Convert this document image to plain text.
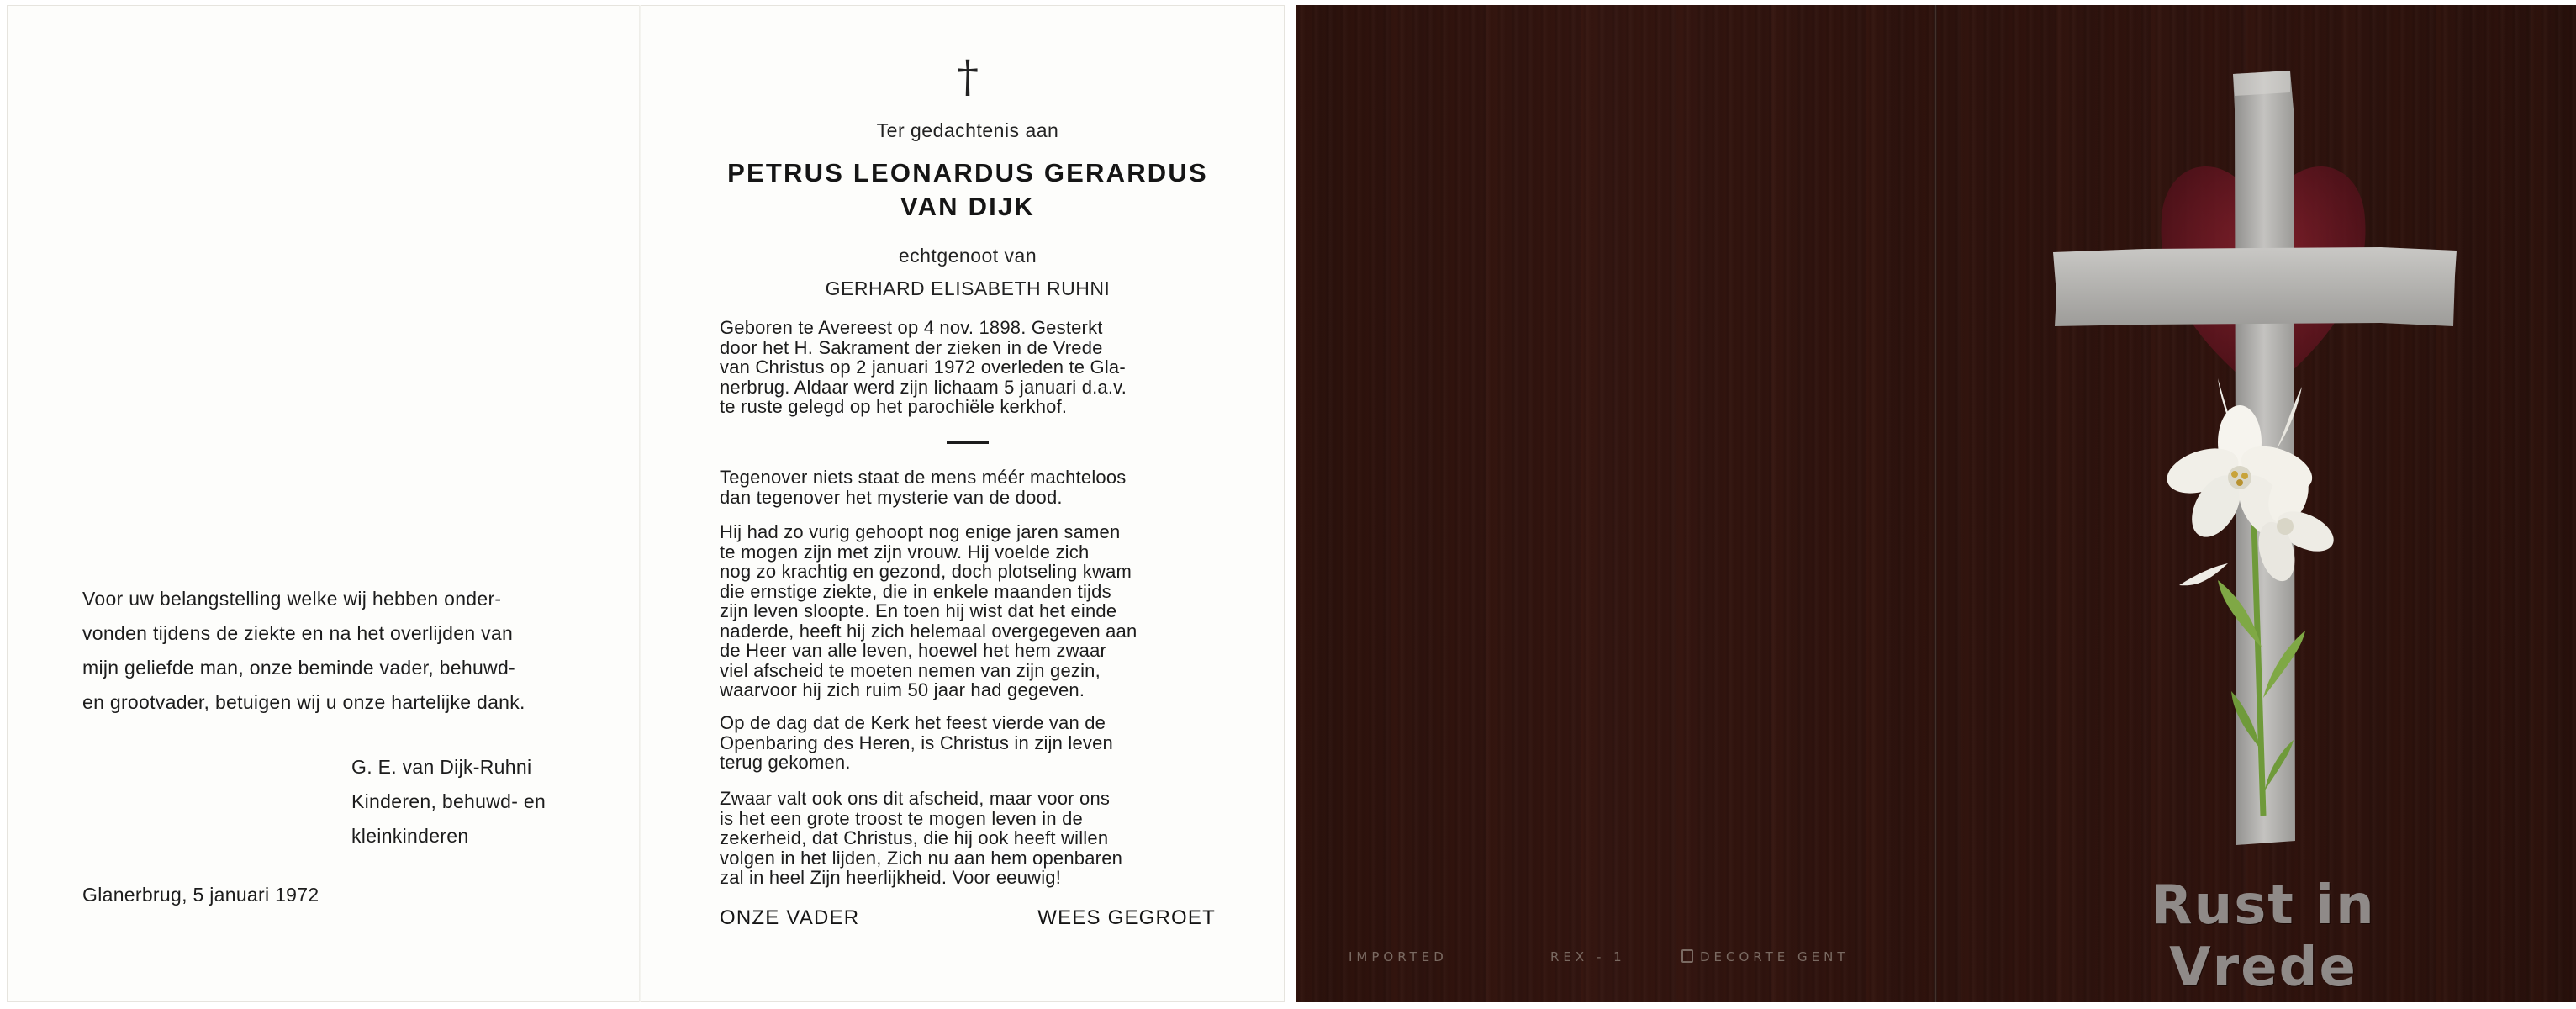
Voor uw belangstelling welke wij hebben onder-

vonden tijdens de ziekte en na het overlijden van

mijn geliefde man, onze beminde vader, behuwd-

en grootvader, betuigen wij u onze hartelijke dank.

G. E. van Dijk-Ruhni

Kinderen, behuwd- en

kleinkinderen

Glanerbrug, 5 januari 1972
†
Ter gedachtenis aan
PETRUS LEONARDUS GERARDUS
VAN DIJK
echtgenoot van
GERHARD ELISABETH RUHNI

Geboren te Avereest op 4 nov. 1898. Gesterkt

door het H. Sakrament der zieken in de Vrede

van Christus op 2 januari 1972 overleden te Gla-

nerbrug. Aldaar werd zijn lichaam 5 januari d.a.v.

te ruste gelegd op het parochiële kerkhof.

Tegenover niets staat de mens méér machteloos

dan tegenover het mysterie van de dood.

Hij had zo vurig gehoopt nog enige jaren samen

te mogen zijn met zijn vrouw. Hij voelde zich

nog zo krachtig en gezond, doch plotseling kwam

die ernstige ziekte, die in enkele maanden tijds

zijn leven sloopte. En toen hij wist dat het einde

naderde, heeft hij zich helemaal overgegeven aan

de Heer van alle leven, hoewel het hem zwaar

viel afscheid te moeten nemen van zijn gezin,

waarvoor hij zich ruim 50 jaar had gegeven.

Op de dag dat de Kerk het feest vierde van de

Openbaring des Heren, is Christus in zijn leven

terug gekomen.

Zwaar valt ook ons dit afscheid, maar voor ons

is het een grote troost te mogen leven in de

zekerheid, dat Christus, die hij ook heeft willen

volgen in het lijden, Zich nu aan hem openbaren

zal in heel Zijn heerlijkheid. Voor eeuwig!

ONZE VADER	WEES GEGROET
IMPORTED	REX - 1	DECORTE GENT
Rust in Vrede
